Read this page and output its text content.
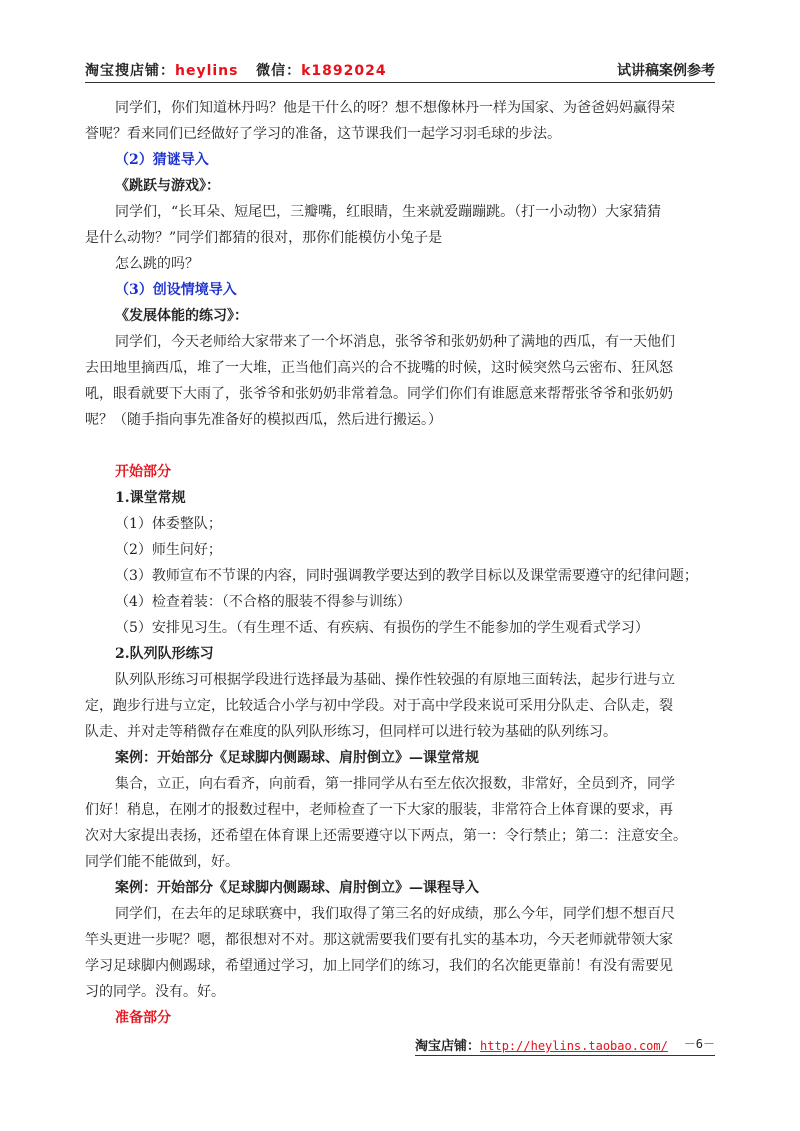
淘宝搜店铺：heylins 微信：k1892024	试讲稿案例参考

同学们，你们知道林丹吗？他是干什么的呀？想不想像林丹一样为国家、为爸爸妈妈赢得荣

誉呢？看来同们已经做好了学习的准备，这节课我们一起学习羽毛球的步法。

（2）猜谜导入

《跳跃与游戏》：

同学们，“长耳朵、短尾巴，三瓣嘴，红眼睛，生来就爱蹦蹦跳。（打一小动物）大家猜猜

是什么动物？”同学们都猜的很对，那你们能模仿小兔子是

怎么跳的吗？

（3）创设情境导入

《发展体能的练习》：

同学们，今天老师给大家带来了一个坏消息，张爷爷和张奶奶种了满地的西瓜，有一天他们

去田地里摘西瓜，堆了一大堆，正当他们高兴的合不拢嘴的时候，这时候突然乌云密布、狂风怒

吼，眼看就要下大雨了，张爷爷和张奶奶非常着急。同学们你们有谁愿意来帮帮张爷爷和张奶奶

呢？（随手指向事先准备好的模拟西瓜，然后进行搬运。）

开始部分

1.课堂常规

（1）体委整队；

（2）师生问好；

（3）教师宣布不节课的内容，同时强调教学要达到的教学目标以及课堂需要遵守的纪律问题；

（4）检查着装：（不合格的服装不得参与训练）

（5）安排见习生。（有生理不适、有疾病、有损伤的学生不能参加的学生观看式学习）

2.队列队形练习

队列队形练习可根据学段进行选择最为基础、操作性较强的有原地三面转法，起步行进与立

定，跑步行进与立定，比较适合小学与初中学段。对于高中学段来说可采用分队走、合队走，裂

队走、并对走等稍微存在难度的队列队形练习，但同样可以进行较为基础的队列练习。

案例：开始部分《足球脚内侧踢球、肩肘倒立》—课堂常规

集合，立正，向右看齐，向前看，第一排同学从右至左依次报数，非常好，全员到齐，同学

们好！稍息，在刚才的报数过程中，老师检查了一下大家的服装，非常符合上体育课的要求，再

次对大家提出表扬，还希望在体育课上还需要遵守以下两点，第一：令行禁止；第二：注意安全。

同学们能不能做到，好。

案例：开始部分《足球脚内侧踢球、肩肘倒立》—课程导入

同学们，在去年的足球联赛中，我们取得了第三名的好成绩，那么今年，同学们想不想百尺

竿头更进一步呢？嗯，都很想对不对。那这就需要我们要有扎实的基本功，今天老师就带领大家

学习足球脚内侧踢球，希望通过学习，加上同学们的练习，我们的名次能更靠前！有没有需要见

习的同学。没有。好。

准备部分

淘宝店铺：http://heylins.taobao.com/ －6－
